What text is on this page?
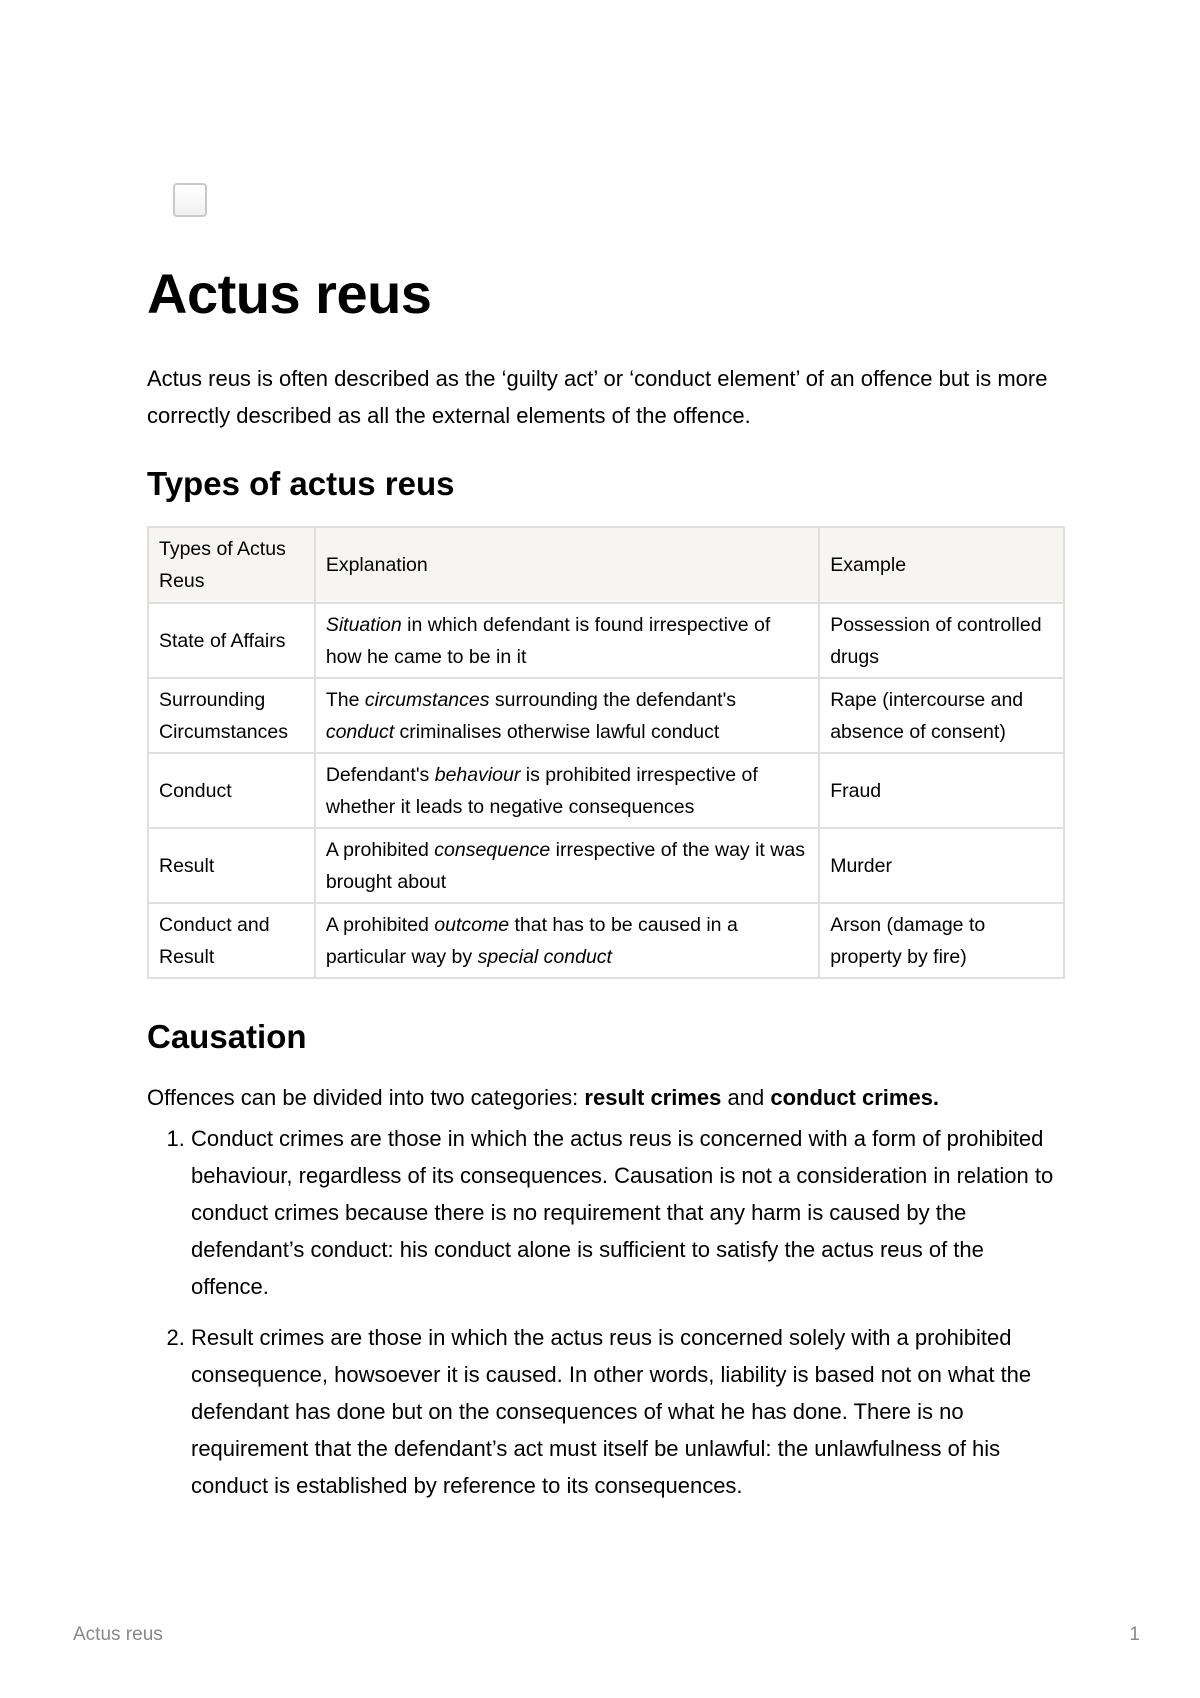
Actus reus

Actus reus is often described as the ‘guilty act’ or ‘conduct element’ of an offence but is more correctly described as all the external elements of the offence.

Types of actus reus
Types of Actus Reus	Explanation	Example
State of Affairs	Situation in which defendant is found irrespective of how he came to be in it	Possession of controlled drugs
Surrounding Circumstances	The circumstances surrounding the defendant's conduct criminalises otherwise lawful conduct	Rape (intercourse and absence of consent)
Conduct	Defendant's behaviour is prohibited irrespective of whether it leads to negative consequences	Fraud
Result	A prohibited consequence irrespective of the way it was brought about	Murder
Conduct and Result	A prohibited outcome that has to be caused in a particular way by special conduct	Arson (damage to property by fire)
Causation

Offences can be divided into two categories: result crimes and conduct crimes.

1. Conduct crimes are those in which the actus reus is concerned with a form of prohibited behaviour, regardless of its consequences. Causation is not a consideration in relation to conduct crimes because there is no requirement that any harm is caused by the defendant’s conduct: his conduct alone is sufficient to satisfy the actus reus of the offence.
2. Result crimes are those in which the actus reus is concerned solely with a prohibited consequence, howsoever it is caused. In other words, liability is based not on what the defendant has done but on the consequences of what he has done. There is no requirement that the defendant’s act must itself be unlawful: the unlawfulness of his conduct is established by reference to its consequences.
Actus reus	1
